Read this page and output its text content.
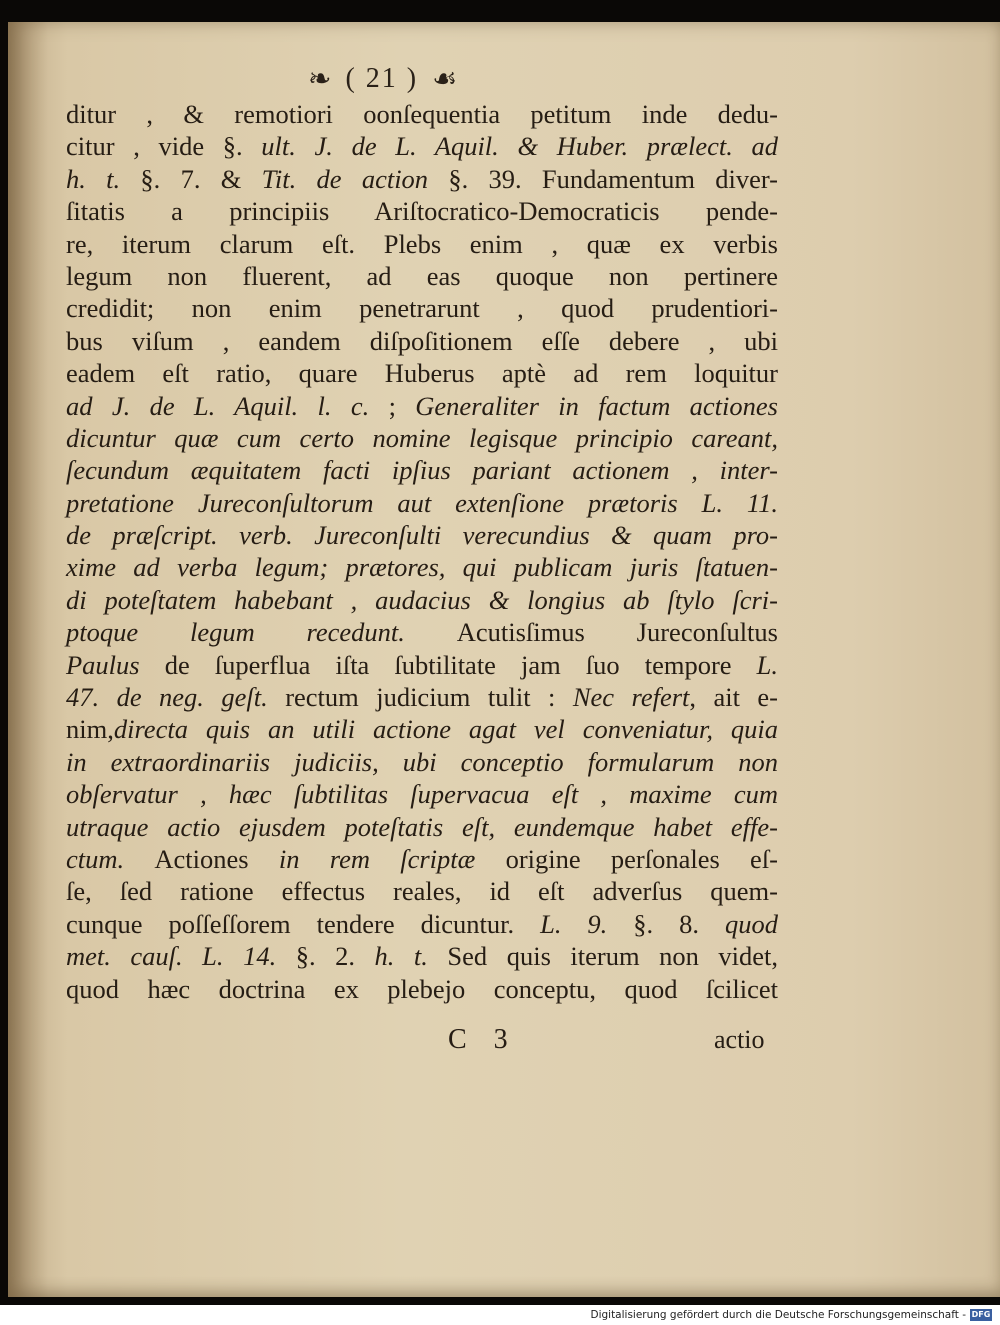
❧ ( 21 ) ☙
ditur , & remotiori oonſequentia petitum inde dedu-
citur , vide §. ult. J. de L. Aquil. & Huber. prælect. ad
h. t. §. 7. & Tit. de action §. 39. Fundamentum diver-
ſitatis a principiis Ariſtocratico-Democraticis pende-
re, iterum clarum eſt. Plebs enim , quæ ex verbis
legum non fluerent, ad eas quoque non pertinere
credidit; non enim penetrarunt , quod prudentiori-
bus viſum , eandem diſpoſitionem eſſe debere , ubi
eadem eſt ratio, quare Huberus aptè ad rem loquitur
ad J. de L. Aquil. l. c. ; Generaliter in factum actiones
dicuntur quæ cum certo nomine legisque principio careant,
ſecundum æquitatem facti ipſius pariant actionem , inter-
pretatione Jureconſultorum aut extenſione prætoris L. 11.
de præſcript. verb. Jureconſulti verecundius & quam pro-
xime ad verba legum; prætores, qui publicam juris ſtatuen-
di poteſtatem habebant , audacius & longius ab ſtylo ſcri-
ptoque legum recedunt. Acutisſimus Jureconſultus
Paulus de ſuperflua iſta ſubtilitate jam ſuo tempore L.
47. de neg. geſt. rectum judicium tulit : Nec refert, ait e-
nim,directa quis an utili actione agat vel conveniatur, quia
in extraordinariis judiciis, ubi conceptio formularum non
obſervatur , hæc ſubtilitas ſupervacua eſt , maxime cum
utraque actio ejusdem poteſtatis eſt, eundemque habet effe-
ctum. Actiones in rem ſcriptæ origine perſonales eſ-
ſe, ſed ratione effectus reales, id eſt adverſus quem-
cunque poſſeſſorem tendere dicuntur. L. 9. §. 8. quod
met. cauſ. L. 14. §. 2. h. t. Sed quis iterum non videt,
quod hæc doctrina ex plebejo conceptu, quod ſcilicet
C 3	actio
Digitalisierung gefördert durch die Deutsche Forschungsgemeinschaft - DFG
